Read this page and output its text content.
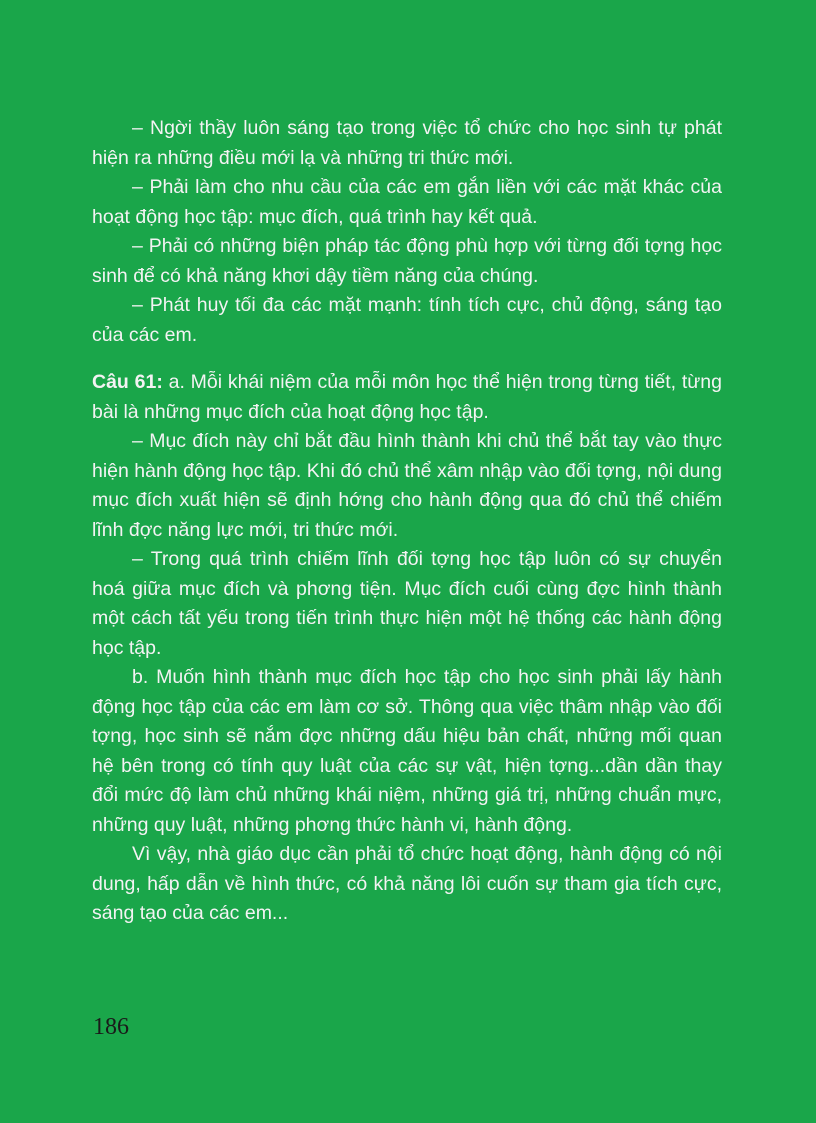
– Ngời thầy luôn sáng tạo trong việc tổ chức cho học sinh tự phát hiện ra những điều mới lạ và những tri thức mới.

– Phải làm cho nhu cầu của các em gắn liền với các mặt khác của hoạt động học tập: mục đích, quá trình hay kết quả.

– Phải có những biện pháp tác động phù hợp với từng đối tợng học sinh để có khả năng khơi dậy tiềm năng của chúng.

– Phát huy tối đa các mặt mạnh: tính tích cực, chủ động, sáng tạo của các em.

Câu 61: a. Mỗi khái niệm của mỗi môn học thể hiện trong từng tiết, từng bài là những mục đích của hoạt động học tập.

– Mục đích này chỉ bắt đầu hình thành khi chủ thể bắt tay vào thực hiện hành động học tập. Khi đó chủ thể xâm nhập vào đối tợng, nội dung mục đích xuất hiện sẽ định hớng cho hành động qua đó chủ thể chiếm lĩnh đợc năng lực mới, tri thức mới.

– Trong quá trình chiếm lĩnh đối tợng học tập luôn có sự chuyển hoá giữa mục đích và phơng tiện. Mục đích cuối cùng đợc hình thành một cách tất yếu trong tiến trình thực hiện một hệ thống các hành động học tập.

b. Muốn hình thành mục đích học tập cho học sinh phải lấy hành động học tập của các em làm cơ sở. Thông qua việc thâm nhập vào đối tợng, học sinh sẽ nắm đợc những dấu hiệu bản chất, những mối quan hệ bên trong có tính quy luật của các sự vật, hiện tợng...dần dần thay đổi mức độ làm chủ những khái niệm, những giá trị, những chuẩn mực, những quy luật, những phơng thức hành vi, hành động.

Vì vậy, nhà giáo dục cần phải tổ chức hoạt động, hành động có nội dung, hấp dẫn về hình thức, có khả năng lôi cuốn sự tham gia tích cực, sáng tạo của các em...

186
